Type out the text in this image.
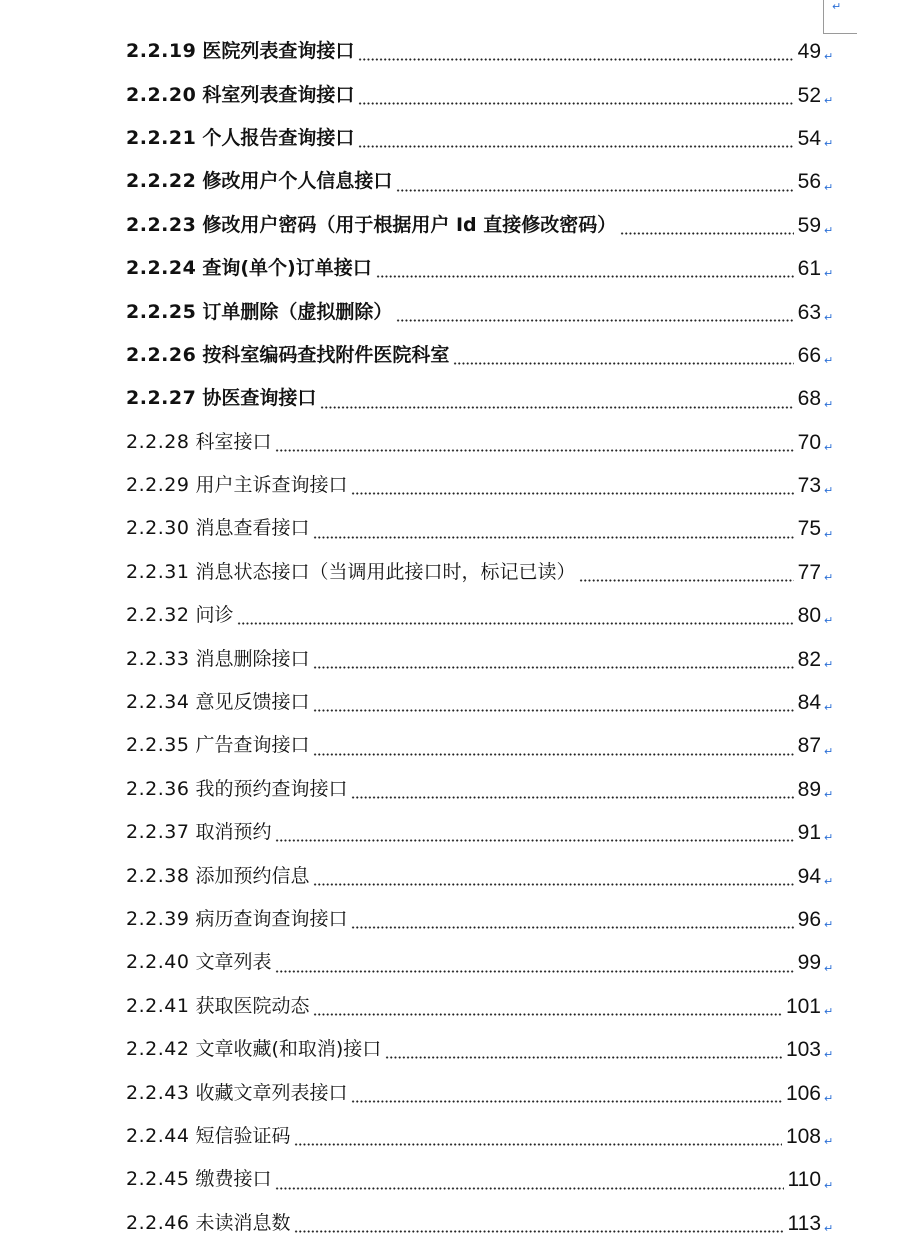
↵
2.2.19 医院列表查询接口	49 ↵
2.2.20 科室列表查询接口	52 ↵
2.2.21 个人报告查询接口	54 ↵
2.2.22 修改用户个人信息接口	56 ↵
2.2.23 修改用户密码（用于根据用户 Id 直接修改密码）	59 ↵
2.2.24 查询(单个)订单接口	61 ↵
2.2.25 订单删除（虚拟删除）	63 ↵
2.2.26 按科室编码查找附件医院科室	66 ↵
2.2.27 协医查询接口	68 ↵
2.2.28 科室接口	70 ↵
2.2.29 用户主诉查询接口	73 ↵
2.2.30 消息查看接口	75 ↵
2.2.31 消息状态接口（当调用此接口时，标记已读）	77 ↵
2.2.32 问诊	80 ↵
2.2.33 消息删除接口	82 ↵
2.2.34 意见反馈接口	84 ↵
2.2.35 广告查询接口	87 ↵
2.2.36 我的预约查询接口	89 ↵
2.2.37 取消预约	91 ↵
2.2.38 添加预约信息	94 ↵
2.2.39 病历查询查询接口	96 ↵
2.2.40 文章列表	99 ↵
2.2.41 获取医院动态	101 ↵
2.2.42 文章收藏(和取消)接口	103 ↵
2.2.43 收藏文章列表接口	106 ↵
2.2.44 短信验证码	108 ↵
2.2.45 缴费接口	110 ↵
2.2.46 未读消息数	113 ↵
